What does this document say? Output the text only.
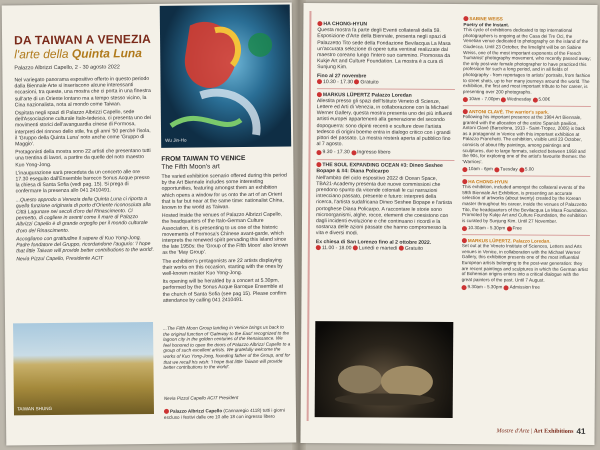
DA TAIWAN A VENEZIA
l'arte della Quinta Luna
Palazzo Albrizzi Capello, 2 - 30 agosto 2022

Nel variegato panorama espositivo offerto in questo periodo dalla Biennale Arte si inseriscono alcune interessanti occasioni, tra queste, una mostra che ci porta in una finestra sull'arte di un Oriente lontano ma a tempo stesso vicino, la Cina nazionalista, nota al mondo come Taiwan.

Ospitata negli spazi di Palazzo Albrizzi Capello, sede dell'Associazione culturale Italo-tedesca, ci presenta uno dei movimenti storici dell'avanguardia cinese di Formosa, interpreti del rinnovo dello stile, fra gli anni '50 perché l'isola, il 'Gruppo della Quinta Luna' noto anche come 'Gruppo di Maggio'.

Protagonisti della mostra sono 22 artisti che presentano tutti una trentina di lavori, a partire da quelle del noto maestro Kuo Yong-Jong.

L'inaugurazione sarà preceduta da un concerto alle ore 17.30 eseguito dall'Ensemble barocco Sonus Acque presso la chiesa di Santa Sofia (vedi pag. 15). Si prega di confermare la presenza allo 041 2410491.

...Questo approdo a Venezia della Quinta Luna ci riporta a quella funzione originaria di porto d'Oriente riconosciuta alla Città Lagunare nei secoli d'oro del Rinascimento. Ci permetto, di cogliere in avanti come il mare di Palazzo Albrizzi Capello è di grande orgoglio per il mondo culturale d'oro del Rinascimento.

Accogliamo con gratitudine il sapere di Kuo Yong-Jong, Padre fondatore del Gruppo, ricordandone l'augurio: 'I hope that little Taiwan will provide better contributions to the world'.

Nevia Pizzul Capello, Presidente ACIT

Wu Jin-Ho
FROM TAIWAN TO VENICE
The Fifth Moon's art

The varied exhibition scenario offered during this period by the Art Biennale includes some interesting opportunities, featuring amongst them an exhibition which opens a window for us onto the art of an Orient that is far but near at the same time: nationalist China, known to the world as Taiwan.

Hosted inside the venues of Palazzo Albrizzi Capello, the headquarters of the Italo-German Culture Association, it is presenting to us one of the historic movements of Formosa's Chinese avant-garde, which interprets the renewed spirit pervading this island since the late 1950s: the 'Group of the Fifth Moon' also known as the 'May Group'.

The exhibition's protagonists are 22 artists displaying their works on this occasion, starting with the ones by well-known master Kuo Yong-Jong.

Its opening will be heralded by a concert at 5.30pm, performed by the Sonus Acque Baroque Ensemble at the church of Santa Sofia (see pag 15). Please confirm attendance by calling 041 2410491.

TAIWAN SHUNG
...The Fifth Moon Group landing in Venice brings us back to the original function of 'Gateway to the East' recognized to the lagoon city in the golden centuries of the Renaissance. We feel honored to open the doors of Palazzo Albrizzi Capello to a group of such excellent artists. We gratefully welcome the works of Kuo Yong-Jong, founding father of the Group, and for that we recall his wish: 'I hope that little Taiwan will provide better contributions to the world'.
Nevia Pizzul Capello ACIT President
Palazzo Albrizzi Capello (Cannaregio 4118) tutti i giorni escluso i festivi dalle ore 10 alle 18 con ingresso libero
HA CHONG-HYUN

Questa mostra fa parte degli Eventi collaterali della 59. Esposizione d'Arte della Biennale, presenta negli spazi di Palazzetto Tito sede della Fondazione Bevilacqua La Masa un'accurata selezione di opere tutta ventinal realizzate dal maestro coreano lungo l'intero suo cammino. Promossa da Kukje Art and Culture Foundation. La mostra è a cura di Sunjung Kim.

Fino al 27 novembre
10.30 - 17.30 Gratuito
MARKUS LÜPERTZ Palazzo Loredan

Allestita presso gli spazi dell'Istituto Veneto di Scienze, Lettere ed Arti di Venezia, in collaborazione con la Michael Werner Gallery, questa mostra presenta uno dei più influenti artisti europei appartenenti alla generazione del secondo dopoguerra: sono dipinti recenti e sculture dove l'artista tedesco di origini boeme entra in dialogo critico con i grandi pittori del passato. La mostra resterà aperta al pubblico fino al 7 agosto.

9.30 - 17.30 Ingresso libero
THE SOUL EXPANDING OCEAN #3: Dineo Seshee Bopape & #4: Diana Policarpo

Nell'ambito del ciclo espositivo 2022 di Ocean Space, TBA21-Academy presenta due nuove commissioni che prendono spunto da vicende coloniali le cui narrazioni intrecciano passato, presente e futuro: interpreti della ricerca, l'artista sudafricana Dineo Seshee Bopape e l'artista portoghese Diana Policarpo. A raccontare le storie sono microorganismi, alghe, rocce, elementi che coesistono con dagli incidenti evoluzione e che continuano i ricordi e la sostanza delle azioni passate che hanno compromesso la vita e diversi modi.

Ex chiesa di San Lorenzo fino al 2 ottobre 2022.
11.00 - 18.00 Lunedì e martedì Gratuito
SABINE WEISS
Poetry of the Instant.

This cycle of exhibitions dedicated to top international photographers is ongoing at the Casa dei Tre Oci, the Venetian venue dedicated to photography on the island of the Giudecca. Until 23 October, the limelight will be on Sabine Weiss, one of the most important exponents of the French 'humanist' photography movement, who recently passed away; the only post-war female photographer to have practiced this profession for such a long period, and in all fields of photography - from reportages to artists' portraits, from fashion to street shots, up to her many journeys around the world. The exhibition, the first and most important tribute to her career, is presenting over 200 photographs.

10am - 7.00pm Wednesday 5.00€
ANTONI CLAVÉ. The warrior's spark.

Following his important presence at the 1984 Art Biennale, granted with the allocation of the entire Spanish pavilion, Antoni Clavé (Barcelona, 1913 - Saint-Tropez, 2005) is back as a protagonist in Venice with this important exhibition at Palazzo Franchetti. The exhibition, visible until 23 October, consists of about fifty paintings, among paintings and sculptures, due to large formats, selected between 1958 and the 90s, for exploring one of the artist's favourite themes: the 'Warriors'.

10am - 6pm Tuesday 5.00
HA CHONG-HYUN

This exhibition, included amongst the collateral events of the 59th Biennale Art Exhibition, is presenting an accurate selection of artworks (about twenty) created by the Korean master throughout his career, inside the venues of Palazzetto Tito, the headquarters of the Bevilacqua La Masa Foundation. Promoted by Kukje Art and Culture Foundation, the exhibition is curated by Sunjung Kim. Until 27 November.

10.30am - 5.30pm Free
MARKUS LÜPERTZ. Palazzo Loredan.

Set out at the Veneto Institute of Sciences, Letters and Arts venues in Venice, in collaboration with the Michael Werner Gallery, this exhibition presents one of the most influential European artists belonging to the post-war generation: they are recent paintings and sculptures in which the German artist of Bohemian origins enters into a critical dialogue with the great painters of the past. Until 7 August.

9.30am - 5.30pm Admission free
Mostre d'Arte | Art Exhibitions 41
